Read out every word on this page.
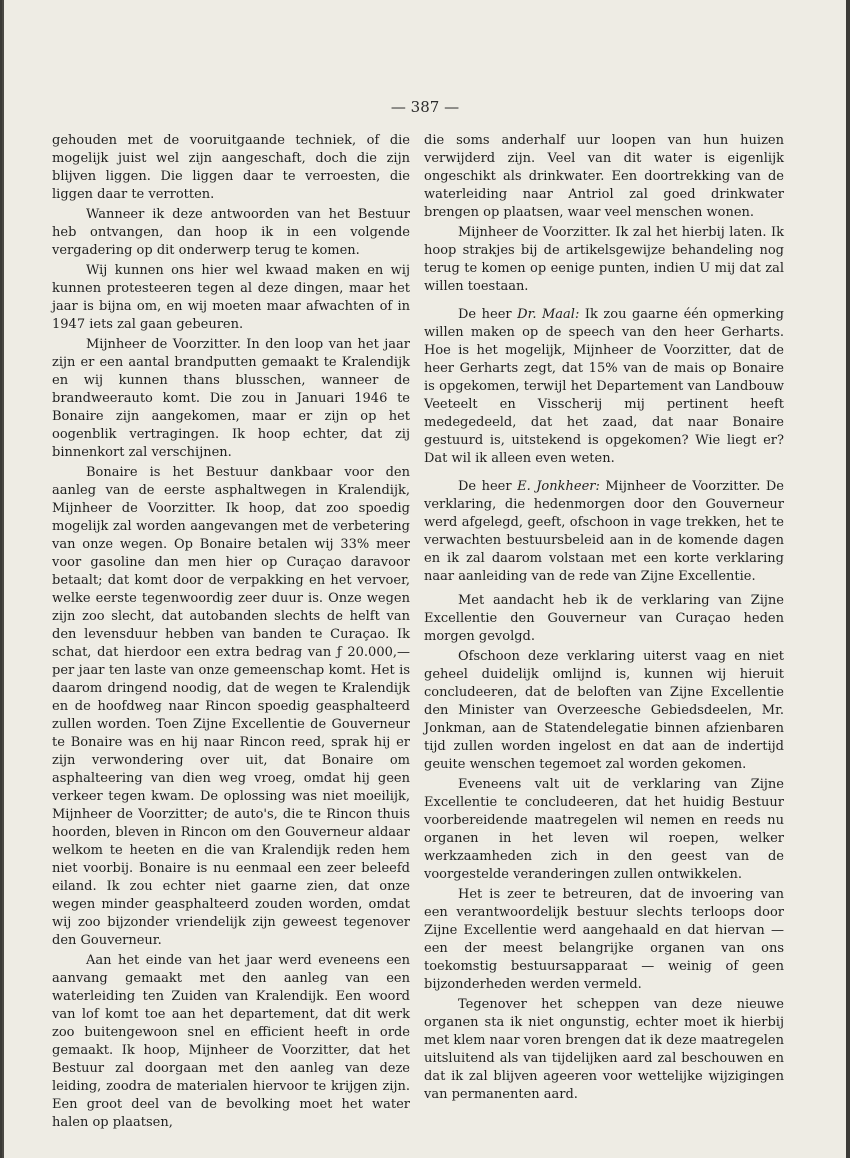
— 387 —

gehouden met de vooruitgaande techniek, of die mogelijk juist wel zijn aangeschaft, doch die zijn blijven liggen. Die liggen daar te verroesten, die liggen daar te verrotten.

Wanneer ik deze antwoorden van het Bestuur heb ontvangen, dan hoop ik in een volgende vergadering op dit onderwerp terug te komen.

Wij kunnen ons hier wel kwaad maken en wij kunnen protesteeren tegen al deze dingen, maar het jaar is bijna om, en wij moeten maar afwachten of in 1947 iets zal gaan gebeuren.

Mijnheer de Voorzitter. In den loop van het jaar zijn er een aantal brandputten gemaakt te Kralendijk en wij kunnen thans blusschen, wanneer de brandweerauto komt. Die zou in Januari 1946 te Bonaire zijn aangekomen, maar er zijn op het oogenblik vertragingen. Ik hoop echter, dat zij binnenkort zal verschijnen.

Bonaire is het Bestuur dankbaar voor den aanleg van de eerste asphaltwegen in Kralendijk, Mijnheer de Voorzitter. Ik hoop, dat zoo spoedig mogelijk zal worden aangevangen met de verbetering van onze wegen. Op Bonaire betalen wij 33% meer voor gasoline dan men hier op Curaçao daravoor betaalt; dat komt door de verpakking en het vervoer, welke eerste tegenwoordig zeer duur is. Onze wegen zijn zoo slecht, dat autobanden slechts de helft van den levensduur hebben van banden te Curaçao. Ik schat, dat hierdoor een extra bedrag van ƒ 20.000,— per jaar ten laste van onze gemeenschap komt. Het is daarom dringend noodig, dat de wegen te Kralendijk en de hoofdweg naar Rincon spoedig geasphalteerd zullen worden. Toen Zijne Excellentie de Gouverneur te Bonaire was en hij naar Rincon reed, sprak hij er zijn verwondering over uit, dat Bonaire om asphalteering van dien weg vroeg, omdat hij geen verkeer tegen kwam. De oplossing was niet moeilijk, Mijnheer de Voorzitter; de auto's, die te Rincon thuis hoorden, bleven in Rincon om den Gouverneur aldaar welkom te heeten en die van Kralendijk reden hem niet voorbij. Bonaire is nu eenmaal een zeer beleefd eiland. Ik zou echter niet gaarne zien, dat onze wegen minder geasphalteerd zouden worden, omdat wij zoo bijzonder vriendelijk zijn geweest tegenover den Gouverneur.

Aan het einde van het jaar werd eveneens een aanvang gemaakt met den aanleg van een waterleiding ten Zuiden van Kralendijk. Een woord van lof komt toe aan het departement, dat dit werk zoo buitengewoon snel en efficient heeft in orde gemaakt. Ik hoop, Mijnheer de Voorzitter, dat het Bestuur zal doorgaan met den aanleg van deze leiding, zoodra de materialen hiervoor te krijgen zijn. Een groot deel van de bevolking moet het water halen op plaatsen,

die soms anderhalf uur loopen van hun huizen verwijderd zijn. Veel van dit water is eigenlijk ongeschikt als drinkwater. Een doortrekking van de waterleiding naar Antriol zal goed drinkwater brengen op plaatsen, waar veel menschen wonen.

Mijnheer de Voorzitter. Ik zal het hierbij laten. Ik hoop strakjes bij de artikelsgewijze behandeling nog terug te komen op eenige punten, indien U mij dat zal willen toestaan.

De heer Dr. Maal: Ik zou gaarne één opmerking willen maken op de speech van den heer Gerharts. Hoe is het mogelijk, Mijnheer de Voorzitter, dat de heer Gerharts zegt, dat 15% van de mais op Bonaire is opgekomen, terwijl het Departement van Landbouw Veeteelt en Visscherij mij pertinent heeft medegedeeld, dat het zaad, dat naar Bonaire gestuurd is, uitstekend is opgekomen? Wie liegt er? Dat wil ik alleen even weten.

De heer E. Jonkheer: Mijnheer de Voorzitter. De verklaring, die hedenmorgen door den Gouverneur werd afgelegd, geeft, ofschoon in vage trekken, het te verwachten bestuursbeleid aan in de komende dagen en ik zal daarom volstaan met een korte verklaring naar aanleiding van de rede van Zijne Excellentie.

Met aandacht heb ik de verklaring van Zijne Excellentie den Gouverneur van Curaçao heden morgen gevolgd.

Ofschoon deze verklaring uiterst vaag en niet geheel duidelijk omlijnd is, kunnen wij hieruit concludeeren, dat de beloften van Zijne Excellentie den Minister van Overzeesche Gebiedsdeelen, Mr. Jonkman, aan de Statendelegatie binnen afzienbaren tijd zullen worden ingelost en dat aan de indertijd geuite wenschen tegemoet zal worden gekomen.

Eveneens valt uit de verklaring van Zijne Excellentie te concludeeren, dat het huidig Bestuur voorbereidende maatregelen wil nemen en reeds nu organen in het leven wil roepen, welker werkzaamheden zich in den geest van de voorgestelde veranderingen zullen ontwikkelen.

Het is zeer te betreuren, dat de invoering van een verantwoordelijk bestuur slechts terloops door Zijne Excellentie werd aangehaald en dat hiervan — een der meest belangrijke organen van ons toekomstig bestuursapparaat — weinig of geen bijzonderheden werden vermeld.

Tegenover het scheppen van deze nieuwe organen sta ik niet ongunstig, echter moet ik hierbij met klem naar voren brengen dat ik deze maatregelen uitsluitend als van tijdelijken aard zal beschouwen en dat ik zal blijven ageeren voor wettelijke wijzigingen van permanenten aard.
